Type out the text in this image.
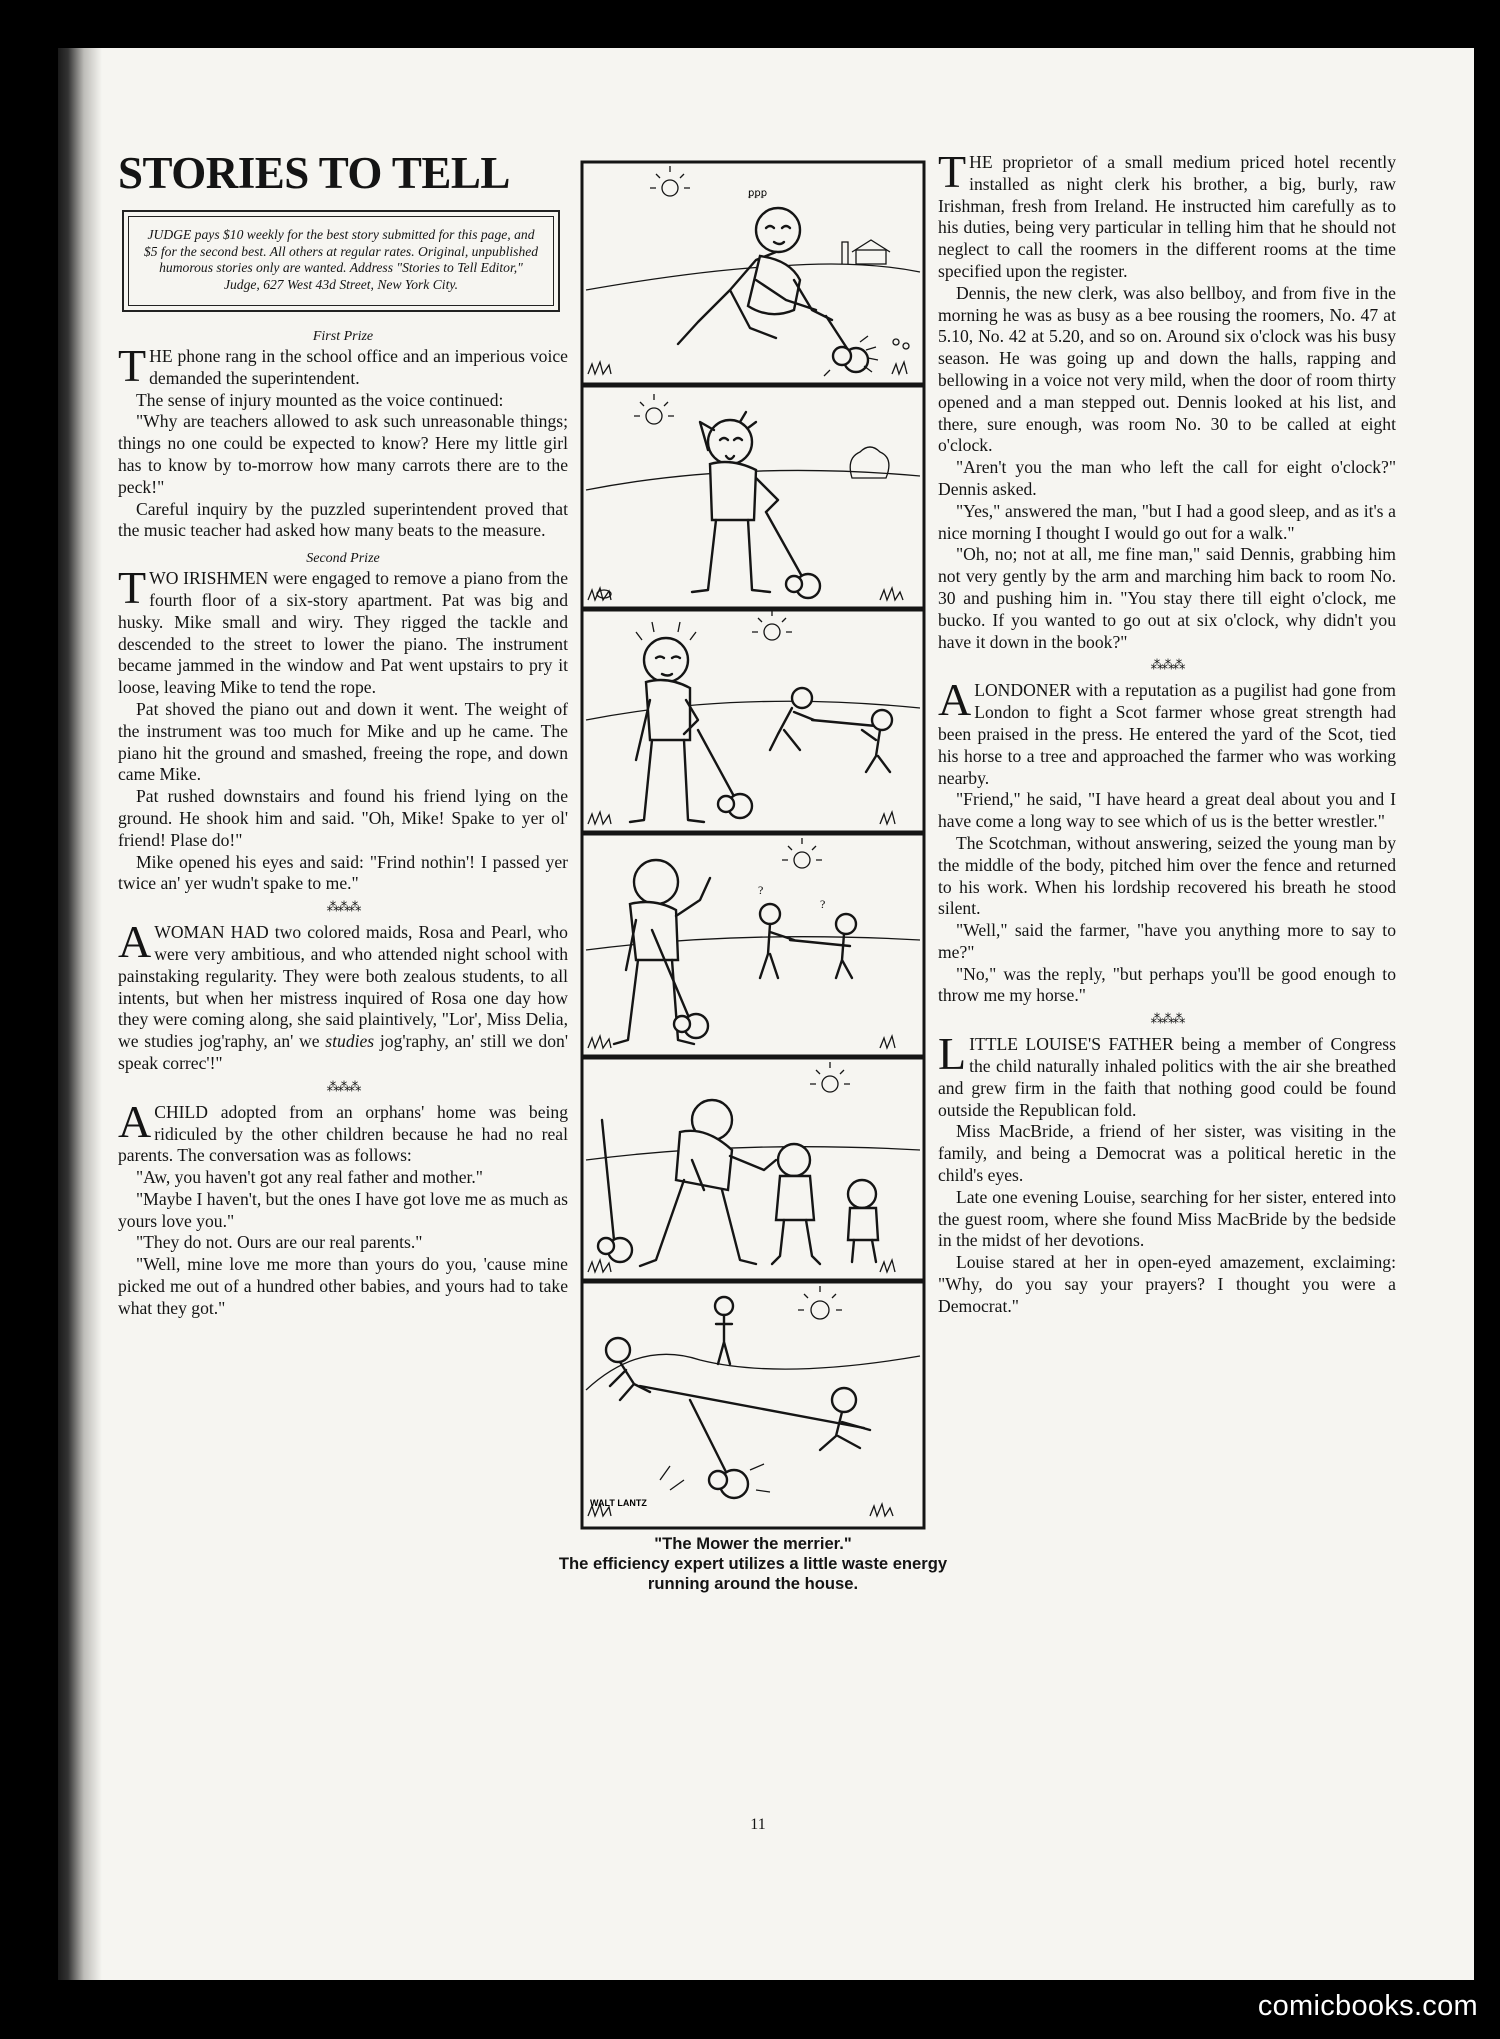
STORIES TO TELL
JUDGE pays $10 weekly for the best story submitted for this page, and $5 for the second best. All others at regular rates. Original, unpublished humorous stories only are wanted. Address "Stories to Tell Editor," Judge, 627 West 43d Street, New York City.
First Prize

THE phone rang in the school office and an imperious voice demanded the superintendent.

The sense of injury mounted as the voice continued:

"Why are teachers allowed to ask such unreasonable things; things no one could be expected to know? Here my little girl has to know by to-morrow how many carrots there are to the peck!"

Careful inquiry by the puzzled superintendent proved that the music teacher had asked how many beats to the measure.

Second Prize

TWO IRISHMEN were engaged to remove a piano from the fourth floor of a six-story apartment. Pat was big and husky. Mike small and wiry. They rigged the tackle and descended to the street to lower the piano. The instrument became jammed in the window and Pat went upstairs to pry it loose, leaving Mike to tend the rope.

Pat shoved the piano out and down it went. The weight of the instrument was too much for Mike and up he came. The piano hit the ground and smashed, freeing the rope, and down came Mike.

Pat rushed downstairs and found his friend lying on the ground. He shook him and said. "Oh, Mike! Spake to yer ol' friend! Plase do!"

Mike opened his eyes and said: "Frind nothin'! I passed yer twice an' yer wudn't spake to me."

⁂⁂⁂

AWOMAN HAD two colored maids, Rosa and Pearl, who were very ambitious, and who attended night school with painstaking regularity. They were both zealous students, to all intents, but when her mistress inquired of Rosa one day how they were coming along, she said plaintively, "Lor', Miss Delia, we studies jog'raphy, an' we studies jog'raphy, an' still we don' speak correc'!"

⁂⁂⁂

ACHILD adopted from an orphans' home was being ridiculed by the other children because he had no real parents. The conversation was as follows:

"Aw, you haven't got any real father and mother."

"Maybe I haven't, but the ones I have got love me as much as yours love you."

"They do not. Ours are our real parents."

"Well, mine love me more than yours do you, 'cause mine picked me out of a hundred other babies, and yours had to take what they got."

ꝑꝑꝑ
?
?
WALT LANTZ
"The Mower the merrier."
The efficiency expert utilizes a little waste energy running around the house.

THE proprietor of a small medium priced hotel recently installed as night clerk his brother, a big, burly, raw Irishman, fresh from Ireland. He instructed him carefully as to his duties, being very particular in telling him that he should not neglect to call the roomers in the different rooms at the time specified upon the register.

Dennis, the new clerk, was also bellboy, and from five in the morning he was as busy as a bee rousing the roomers, No. 47 at 5.10, No. 42 at 5.20, and so on. Around six o'clock was his busy season. He was going up and down the halls, rapping and bellowing in a voice not very mild, when the door of room thirty opened and a man stepped out. Dennis looked at his list, and there, sure enough, was room No. 30 to be called at eight o'clock.

"Aren't you the man who left the call for eight o'clock?" Dennis asked.

"Yes," answered the man, "but I had a good sleep, and as it's a nice morning I thought I would go out for a walk."

"Oh, no; not at all, me fine man," said Dennis, grabbing him not very gently by the arm and marching him back to room No. 30 and pushing him in. "You stay there till eight o'clock, me bucko. If you wanted to go out at six o'clock, why didn't you have it down in the book?"

⁂⁂⁂

ALONDONER with a reputation as a pugilist had gone from London to fight a Scot farmer whose great strength had been praised in the press. He entered the yard of the Scot, tied his horse to a tree and approached the farmer who was working nearby.

"Friend," he said, "I have heard a great deal about you and I have come a long way to see which of us is the better wrestler."

The Scotchman, without answering, seized the young man by the middle of the body, pitched him over the fence and returned to his work. When his lordship recovered his breath he stood silent.

"Well," said the farmer, "have you anything more to say to me?"

"No," was the reply, "but perhaps you'll be good enough to throw me my horse."

⁂⁂⁂

LITTLE LOUISE'S FATHER being a member of Congress the child naturally inhaled politics with the air she breathed and grew firm in the faith that nothing good could be found outside the Republican fold.

Miss MacBride, a friend of her sister, was visiting in the family, and being a Democrat was a political heretic in the child's eyes.

Late one evening Louise, searching for her sister, entered into the guest room, where she found Miss MacBride by the bedside in the midst of her devotions.

Louise stared at her in open-eyed amazement, exclaiming: "Why, do you say your prayers? I thought you were a Democrat."

11
comicbooks.com
